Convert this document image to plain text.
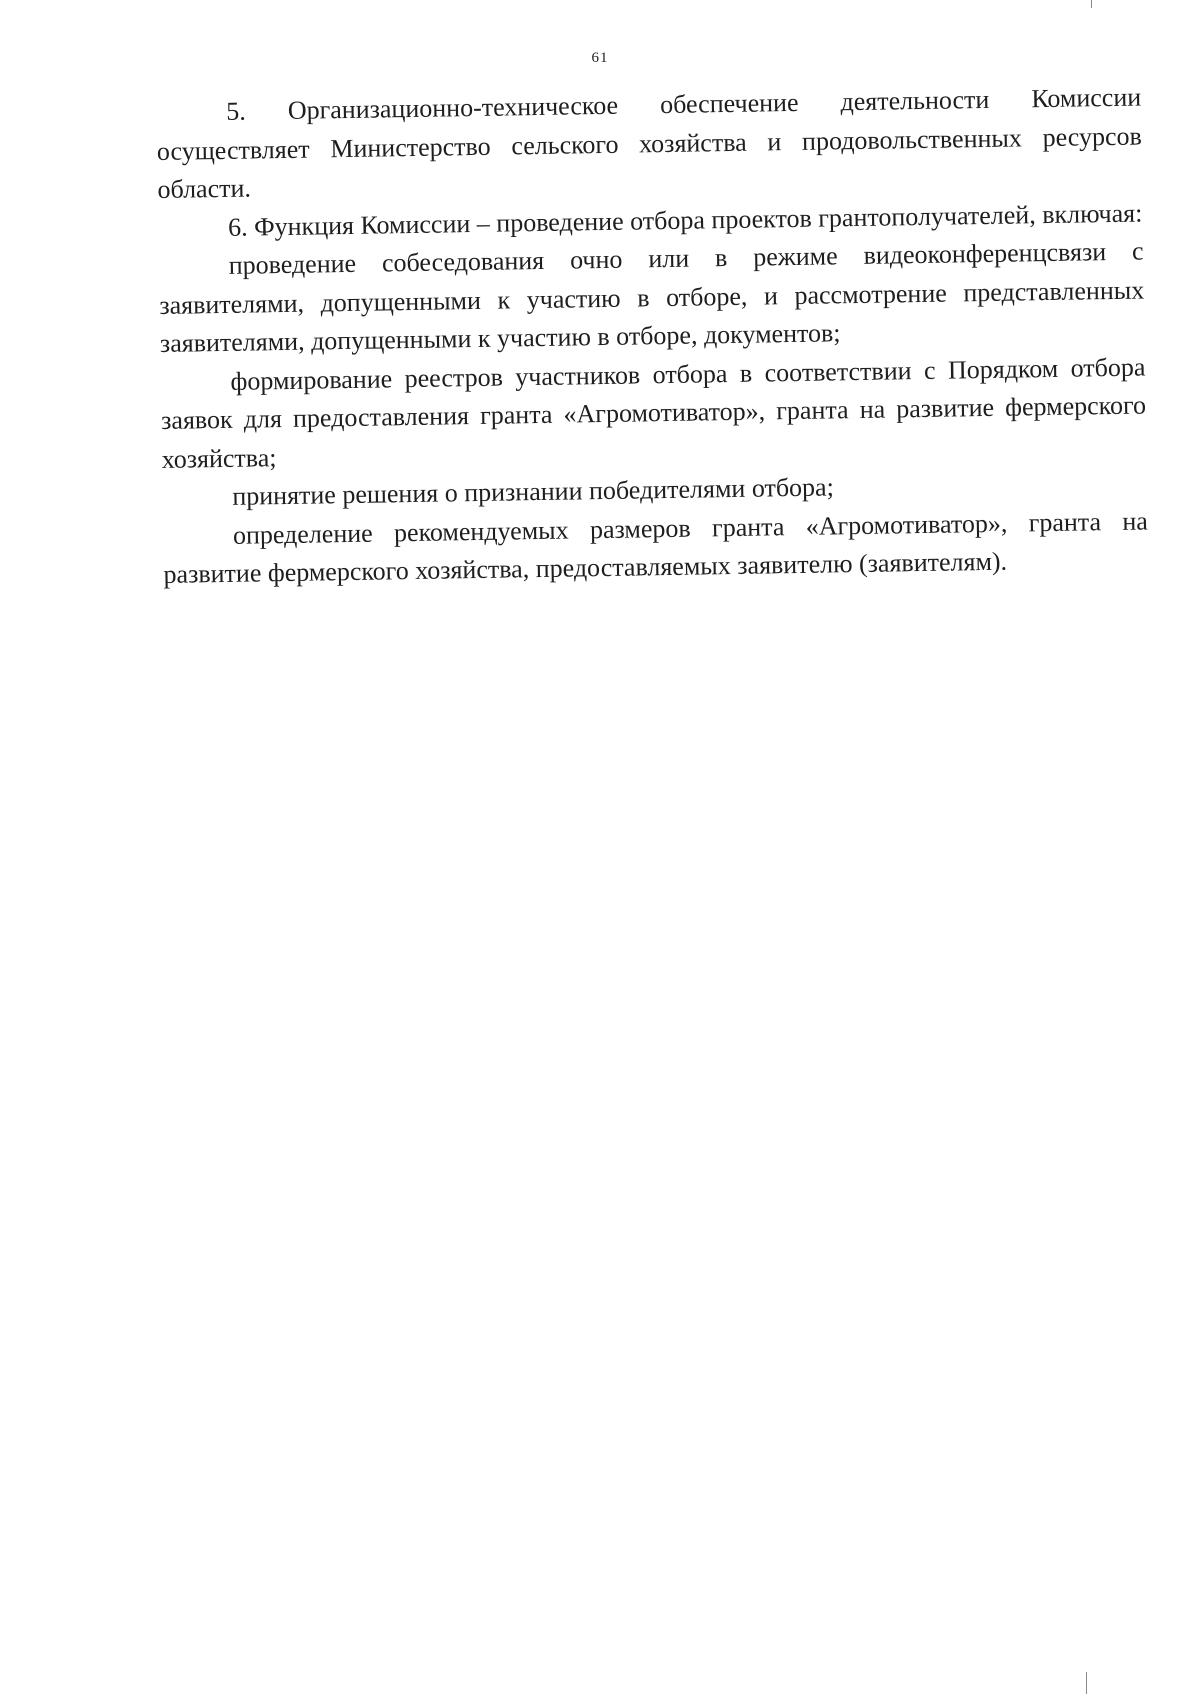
61

5. Организационно-техническое обеспечение деятельности Комиссии осуществляет Министерство сельского хозяйства и продовольственных ресурсов области.

6. Функция Комиссии – проведение отбора проектов грантополучателей, включая:

проведение собеседования очно или в режиме видеоконференцсвязи с заявителями, допущенными к участию в отборе, и рассмотрение представленных заявителями, допущенными к участию в отборе, документов;

формирование реестров участников отбора в соответствии с Порядком отбора заявок для предоставления гранта «Агромотиватор», гранта на развитие фермерского хозяйства;

принятие решения о признании победителями отбора;

определение рекомендуемых размеров гранта «Агромотиватор», гранта на развитие фермерского хозяйства, предоставляемых заявителю (заявителям).
